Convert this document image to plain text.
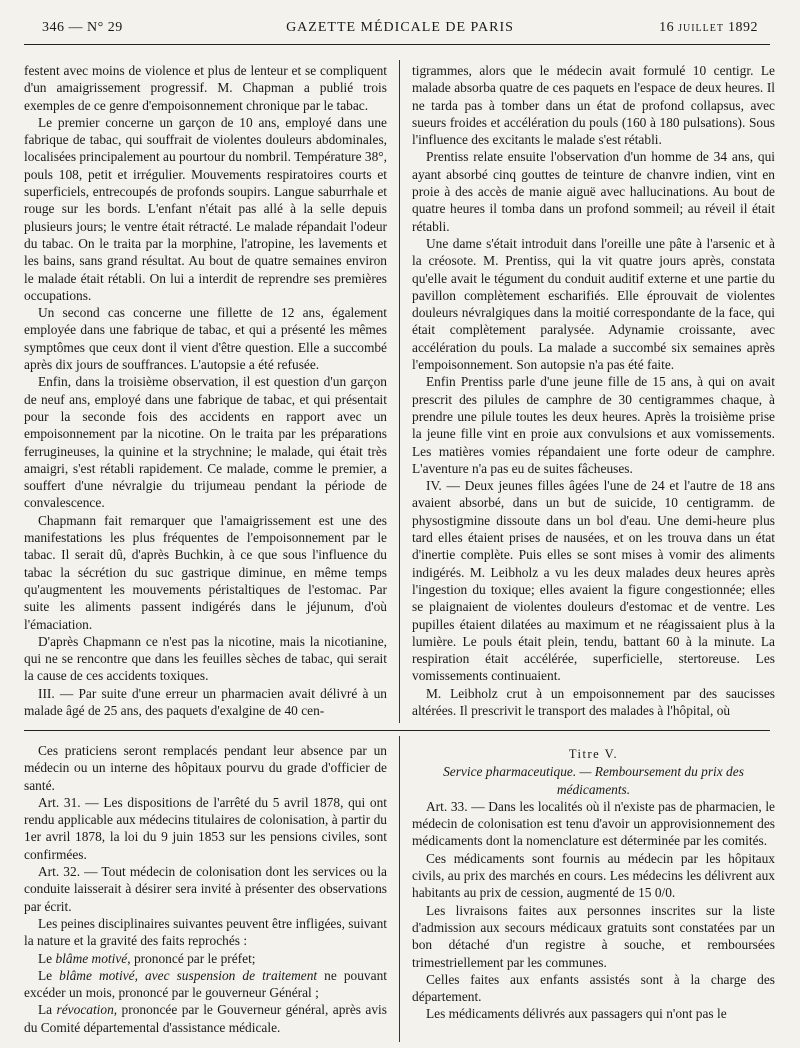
346 — N° 29	GAZETTE MÉDICALE DE PARIS	16 JUILLET 1892

festent avec moins de violence et plus de lenteur et se compliquent d'un amaigrissement progressif. M. Chapman a publié trois exemples de ce genre d'empoisonnement chronique par le tabac.

Le premier concerne un garçon de 10 ans, employé dans une fabrique de tabac, qui souffrait de violentes douleurs abdominales, localisées principalement au pourtour du nombril. Température 38°, pouls 108, petit et irrégulier. Mouvements respiratoires courts et superficiels, entrecoupés de profonds soupirs. Langue saburrhale et rouge sur les bords. L'enfant n'était pas allé à la selle depuis plusieurs jours; le ventre était rétracté. Le malade répandait l'odeur du tabac. On le traita par la morphine, l'atropine, les lavements et les bains, sans grand résultat. Au bout de quatre semaines environ le malade était rétabli. On lui a interdit de reprendre ses premières occupations.

Un second cas concerne une fillette de 12 ans, également employée dans une fabrique de tabac, et qui a présenté les mêmes symptômes que ceux dont il vient d'être question. Elle a succombé après dix jours de souffrances. L'autopsie a été refusée.

Enfin, dans la troisième observation, il est question d'un garçon de neuf ans, employé dans une fabrique de tabac, et qui présentait pour la seconde fois des accidents en rapport avec un empoisonnement par la nicotine. On le traita par les préparations ferrugineuses, la quinine et la strychnine; le malade, qui était très amaigri, s'est rétabli rapidement. Ce malade, comme le premier, a souffert d'une névralgie du trijumeau pendant la période de convalescence.

Chapmann fait remarquer que l'amaigrissement est une des manifestations les plus fréquentes de l'empoisonnement par le tabac. Il serait dû, d'après Buchkin, à ce que sous l'influence du tabac la sécrétion du suc gastrique diminue, en même temps qu'augmentent les mouvements péristaltiques de l'estomac. Par suite les aliments passent indigérés dans le jéjunum, d'où l'émaciation.

D'après Chapmann ce n'est pas la nicotine, mais la nicotianine, qui ne se rencontre que dans les feuilles sèches de tabac, qui serait la cause de ces accidents toxiques.

III. — Par suite d'une erreur un pharmacien avait délivré à un malade âgé de 25 ans, des paquets d'exalgine de 40 cen-

tigrammes, alors que le médecin avait formulé 10 centigr. Le malade absorba quatre de ces paquets en l'espace de deux heures. Il ne tarda pas à tomber dans un état de profond collapsus, avec sueurs froides et accélération du pouls (160 à 180 pulsations). Sous l'influence des excitants le malade s'est rétabli.

Prentiss relate ensuite l'observation d'un homme de 34 ans, qui ayant absorbé cinq gouttes de teinture de chanvre indien, vint en proie à des accès de manie aiguë avec hallucinations. Au bout de quatre heures il tomba dans un profond sommeil; au réveil il était rétabli.

Une dame s'était introduit dans l'oreille une pâte à l'arsenic et à la créosote. M. Prentiss, qui la vit quatre jours après, constata qu'elle avait le tégument du conduit auditif externe et une partie du pavillon complètement escharifiés. Elle éprouvait de violentes douleurs névralgiques dans la moitié correspondante de la face, qui était complètement paralysée. Adynamie croissante, avec accélération du pouls. La malade a succombé six semaines après l'empoisonnement. Son autopsie n'a pas été faite.

Enfin Prentiss parle d'une jeune fille de 15 ans, à qui on avait prescrit des pilules de camphre de 30 centigrammes chaque, à prendre une pilule toutes les deux heures. Après la troisième prise la jeune fille vint en proie aux convulsions et aux vomissements. Les matières vomies répandaient une forte odeur de camphre. L'aventure n'a pas eu de suites fâcheuses.

IV. — Deux jeunes filles âgées l'une de 24 et l'autre de 18 ans avaient absorbé, dans un but de suicide, 10 centigramm. de physostigmine dissoute dans un bol d'eau. Une demi-heure plus tard elles étaient prises de nausées, et on les trouva dans un état d'inertie complète. Puis elles se sont mises à vomir des aliments indigérés. M. Leibholz a vu les deux malades deux heures après l'ingestion du toxique; elles avaient la figure congestionnée; elles se plaignaient de violentes douleurs d'estomac et de ventre. Les pupilles étaient dilatées au maximum et ne réagissaient plus à la lumière. Le pouls était plein, tendu, battant 60 à la minute. La respiration était accélérée, superficielle, stertoreuse. Les vomissements continuaient.

M. Leibholz crut à un empoisonnement par des saucisses altérées. Il prescrivit le transport des malades à l'hôpital, où

Ces praticiens seront remplacés pendant leur absence par un médecin ou un interne des hôpitaux pourvu du grade d'officier de santé.

Art. 31. — Les dispositions de l'arrêté du 5 avril 1878, qui ont rendu applicable aux médecins titulaires de colonisation, à partir du 1er avril 1878, la loi du 9 juin 1853 sur les pensions civiles, sont confirmées.

Art. 32. — Tout médecin de colonisation dont les services ou la conduite laisserait à désirer sera invité à présenter des observations par écrit.

Les peines disciplinaires suivantes peuvent être infligées, suivant la nature et la gravité des faits reprochés :

Le blâme motivé, prononcé par le préfet;

Le blâme motivé, avec suspension de traitement ne pouvant excéder un mois, prononcé par le gouverneur Général ;

La révocation, prononcée par le Gouverneur général, après avis du Comité départemental d'assistance médicale.

Titre V.

Service pharmaceutique. — Remboursement du prix des médicaments.

Art. 33. — Dans les localités où il n'existe pas de pharmacien, le médecin de colonisation est tenu d'avoir un approvisionnement des médicaments dont la nomenclature est déterminée par les comités.

Ces médicaments sont fournis au médecin par les hôpitaux civils, au prix des marchés en cours. Les médecins les délivrent aux habitants au prix de cession, augmenté de 15 0/0.

Les livraisons faites aux personnes inscrites sur la liste d'admission aux secours médicaux gratuits sont constatées par un bon détaché d'un registre à souche, et remboursées trimestriellement par les communes.

Celles faites aux enfants assistés sont à la charge des département.

Les médicaments délivrés aux passagers qui n'ont pas le
